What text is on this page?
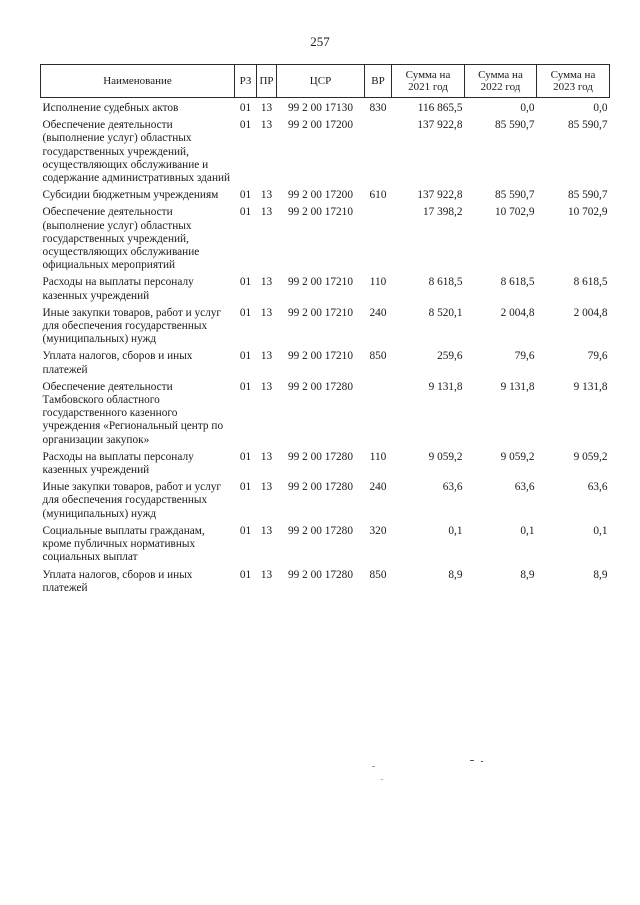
257
Наименование	РЗ	ПР	ЦСР	ВР	Сумма на 2021 год	Сумма на 2022 год	Сумма на 2023 год
Исполнение судебных актов	01	13	99 2 00 17130	830	116 865,5	0,0	0,0
Обеспечение деятельности (выполнение услуг) областных государственных учреждений, осуществляющих обслуживание и содержание административных зданий	01	13	99 2 00 17200		137 922,8	85 590,7	85 590,7
Субсидии бюджетным учреждениям	01	13	99 2 00 17200	610	137 922,8	85 590,7	85 590,7
Обеспечение деятельности (выполнение услуг) областных государственных учреждений, осуществляющих обслуживание официальных мероприятий	01	13	99 2 00 17210		17 398,2	10 702,9	10 702,9
Расходы на выплаты персоналу казенных учреждений	01	13	99 2 00 17210	110	8 618,5	8 618,5	8 618,5
Иные закупки товаров, работ и услуг для обеспечения государственных (муниципальных) нужд	01	13	99 2 00 17210	240	8 520,1	2 004,8	2 004,8
Уплата налогов, сборов и иных платежей	01	13	99 2 00 17210	850	259,6	79,6	79,6
Обеспечение деятельности Тамбовского областного государственного казенного учреждения «Региональный центр по организации закупок»	01	13	99 2 00 17280		9 131,8	9 131,8	9 131,8
Расходы на выплаты персоналу казенных учреждений	01	13	99 2 00 17280	110	9 059,2	9 059,2	9 059,2
Иные закупки товаров, работ и услуг для обеспечения государственных (муниципальных) нужд	01	13	99 2 00 17280	240	63,6	63,6	63,6
Социальные выплаты гражданам, кроме публичных нормативных социальных выплат	01	13	99 2 00 17280	320	0,1	0,1	0,1
Уплата налогов, сборов и иных платежей	01	13	99 2 00 17280	850	8,9	8,9	8,9
